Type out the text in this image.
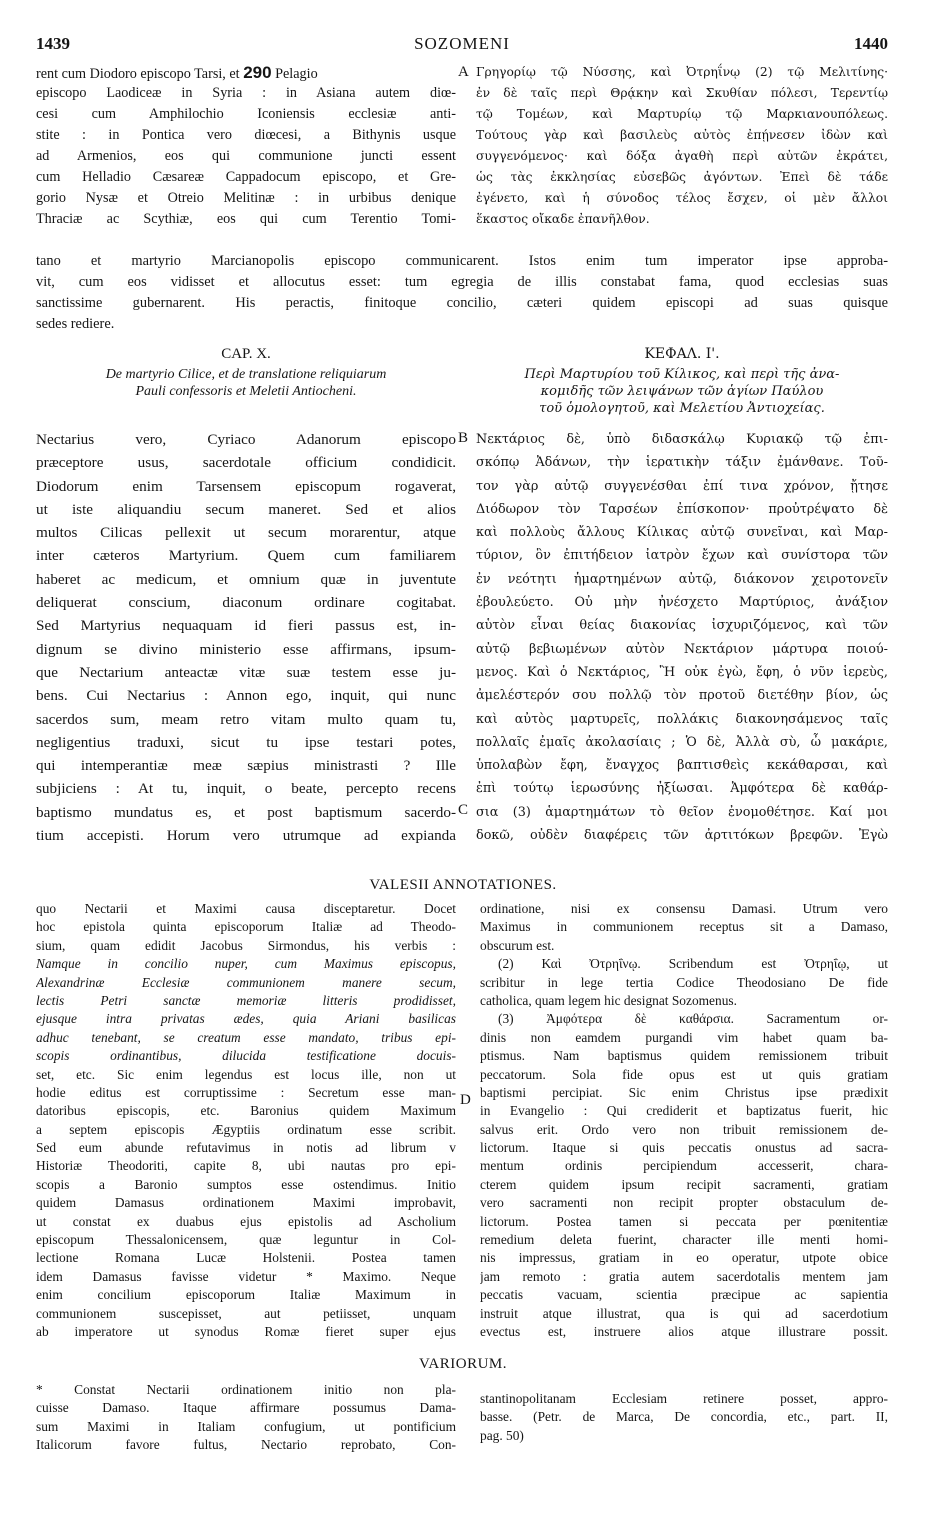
1439	SOZOMENI	1440
rent cum Diodoro episcopo Tarsi, et 290 Pelagio
episcopo Laodiceæ in Syria : in Asiana autem diœ-
cesi cum Amphilochio Iconiensis ecclesiæ anti-
stite : in Pontica vero diœcesi, a Bithynis usque
ad Armenios, eos qui communione juncti essent
cum Helladio Cæsareæ Cappadocum episcopo, et Gre-
gorio Nysæ et Otreio Melitinæ : in urbibus denique
Thraciæ ac Scythiæ, eos qui cum Terentio Tomi-
A Γρηγορίῳ τῷ Νύσσης, καὶ Ὀτρηΐνῳ (2) τῷ Μελιτίνης·
ἐν δὲ ταῖς περὶ Θρᾴκην καὶ Σκυθίαν πόλεσι, Τερεντίῳ
τῷ Τομέων, καὶ Μαρτυρίῳ τῷ Μαρκιανουπόλεως.
Τούτους γὰρ καὶ βασιλεὺς αὐτὸς ἐπῄνεσεν ἰδὼν καὶ
συγγενόμενος· καὶ δόξα ἀγαθὴ περὶ αὐτῶν ἐκράτει,
ὡς τὰς ἐκκλησίας εὐσεβῶς ἀγόντων. Ἐπεὶ δὲ τάδε
ἐγένετο, καὶ ἡ σύνοδος τέλος ἔσχεν, οἱ μὲν ἄλλοι
ἕκαστος οἴκαδε ἐπανῆλθον.
tano et martyrio Marcianopolis episcopo communicarent. Istos enim tum imperator ipse approba-
vit, cum eos vidisset et allocutus esset: tum egregia de illis constabat fama, quod ecclesias suas
sanctissime gubernarent. His peractis, finitoque concilio, cæteri quidem episcopi ad suas quisque
sedes rediere.
CAP. X.
De martyrio Cilice, et de translatione reliquiarum
Pauli confessoris et Meletii Antiocheni.
ΚΕΦΑΛ. Ι'.
Περὶ Μαρτυρίου τοῦ Κίλικος, καὶ περὶ τῆς ἀνα-
κομιδῆς τῶν λειψάνων τῶν ἁγίων Παύλου
τοῦ ὁμολογητοῦ, καὶ Μελετίου Ἀντιοχείας.
Nectarius vero, Cyriaco Adanorum episcopo
præceptore usus, sacerdotale officium condidicit.
Diodorum enim Tarsensem episcopum rogaverat,
ut iste aliquandiu secum maneret. Sed et alios
multos Cilicas pellexit ut secum morarentur, atque
inter cæteros Martyrium. Quem cum familiarem
haberet ac medicum, et omnium quæ in juventute
deliquerat conscium, diaconum ordinare cogitabat.
Sed Martyrius nequaquam id fieri passus est, in-
dignum se divino ministerio esse affirmans, ipsum-
que Nectarium anteactæ vitæ suæ testem esse ju-
bens. Cui Nectarius : Annon ego, inquit, qui nunc
sacerdos sum, meam retro vitam multo quam tu,
negligentius traduxi, sicut tu ipse testari potes,
qui intemperantiæ meæ sæpius ministrasti ? Ille
subjiciens : At tu, inquit, o beate, percepto recens
baptismo mundatus es, et post baptismum sacerdo-
tium accepisti. Horum vero utrumque ad expianda
B
C
Νεκτάριος δὲ, ὑπὸ διδασκάλῳ Κυριακῷ τῷ ἐπι-
σκόπῳ Ἀδάνων, τὴν ἱερατικὴν τάξιν ἐμάνθανε. Τοῦ-
τον γὰρ αὐτῷ συγγενέσθαι ἐπί τινα χρόνον, ᾔτησε
Διόδωρον τὸν Ταρσέων ἐπίσκοπον· προὐτρέψατο δὲ
καὶ πολλοὺς ἄλλους Κίλικας αὐτῷ συνεῖναι, καὶ Μαρ-
τύριον, ὃν ἐπιτήδειον ἰατρὸν ἔχων καὶ συνίστορα τῶν
ἐν νεότητι ἡμαρτημένων αὐτῷ, διάκονον χειροτονεῖν
ἐβουλεύετο. Οὐ μὴν ἠνέσχετο Μαρτύριος, ἀνάξιον
αὑτὸν εἶναι θείας διακονίας ἰσχυριζόμενος, καὶ τῶν
αὐτῷ βεβιωμένων αὐτὸν Νεκτάριον μάρτυρα ποιού-
μενος. Καὶ ὁ Νεκτάριος, Ἢ οὐκ ἐγὼ, ἔφη, ὁ νῦν ἱερεὺς,
ἀμελέστερόν σου πολλῷ τὸν προτοῦ διετέθην βίον, ὡς
καὶ αὐτὸς μαρτυρεῖς, πολλάκις διακονησάμενος ταῖς
πολλαῖς ἐμαῖς ἀκολασίαις ; Ὁ δὲ, Ἀλλὰ σὺ, ὦ μακάριε,
ὑπολαβὼν ἔφη, ἔναγχος βαπτισθεὶς κεκάθαρσαι, καὶ
ἐπὶ τούτῳ ἱερωσύνης ἠξίωσαι. Ἀμφότερα δὲ καθάρ-
σια (3) ἁμαρτημάτων τὸ θεῖον ἐνομοθέτησε. Καί μοι
δοκῶ, οὐδὲν διαφέρεις τῶν ἀρτιτόκων βρεφῶν. Ἐγὼ
VALESII ANNOTATIONES.
quo Nectarii et Maximi causa disceptaretur. Docet
hoc epistola quinta episcoporum Italiæ ad Theodo-
sium, quam edidit Jacobus Sirmondus, his verbis :
Namque in concilio nuper, cum Maximus episcopus,
Alexandrinæ Ecclesiæ communionem manere secum,
lectis Petri sanctæ memoriæ litteris prodidisset,
ejusque intra privatas ædes, quia Ariani basilicas
adhuc tenebant, se creatum esse mandato, tribus epi-
scopis ordinantibus, dilucida testificatione docuis-
set, etc. Sic enim legendus est locus ille, non ut
hodie editus est corruptissime : Secretum esse man-
datoribus episcopis, etc. Baronius quidem Maximum
a septem episcopis Ægyptiis ordinatum esse scribit.
Sed eum abunde refutavimus in notis ad librum v
Historiæ Theodoriti, capite 8, ubi nautas pro epi-
scopis a Baronio sumptos esse ostendimus. Initio
quidem Damasus ordinationem Maximi improbavit,
ut constat ex duabus ejus epistolis ad Ascholium
episcopum Thessalonicensem, quæ leguntur in Col-
lectione Romana Lucæ Holstenii. Postea tamen
idem Damasus favisse videtur * Maximo. Neque
enim concilium episcoporum Italiæ Maximum in
communionem suscepisset, aut petiisset, unquam
ab imperatore ut synodus Romæ fieret super ejus
D
ordinatione, nisi ex consensu Damasi. Utrum vero
Maximus in communionem receptus sit a Damaso,
obscurum est.
(2) Καὶ Ὀτρηΐνῳ. Scribendum est Ὀτρηΐῳ, ut
scribitur in lege tertia Codice Theodosiano De fide
catholica, quam legem hic designat Sozomenus.
(3) Ἀμφότερα δὲ καθάρσια. Sacramentum or-
dinis non eamdem purgandi vim habet quam ba-
ptismus. Nam baptismus quidem remissionem tribuit
peccatorum. Sola fide opus est ut quis gratiam
baptismi percipiat. Sic enim Christus ipse prædixit
in Evangelio : Qui crediderit et baptizatus fuerit, hic
salvus erit. Ordo vero non tribuit remissionem de-
lictorum. Itaque si quis peccatis onustus ad sacra-
mentum ordinis percipiendum accesserit, chara-
cterem quidem ipsum recipit sacramenti, gratiam
vero sacramenti non recipit propter obstaculum de-
lictorum. Postea tamen si peccata per pœnitentiæ
remedium deleta fuerint, character ille menti homi-
nis impressus, gratiam in eo operatur, utpote obice
jam remoto : gratia autem sacerdotalis mentem jam
peccatis vacuam, scientia præcipue ac sapientia
instruit atque illustrat, qua is qui ad sacerdotium
evectus est, instruere alios atque illustrare possit.
VARIORUM.
* Constat Nectarii ordinationem initio non pla-
cuisse Damaso. Itaque affirmare possumus Dama-
sum Maximi in Italiam confugium, ut pontificium
Italicorum favore fultus, Nectario reprobato, Con-
stantinopolitanam Ecclesiam retinere posset, appro-
basse. (Petr. de Marca, De concordia, etc., part. II,
pag. 50)
